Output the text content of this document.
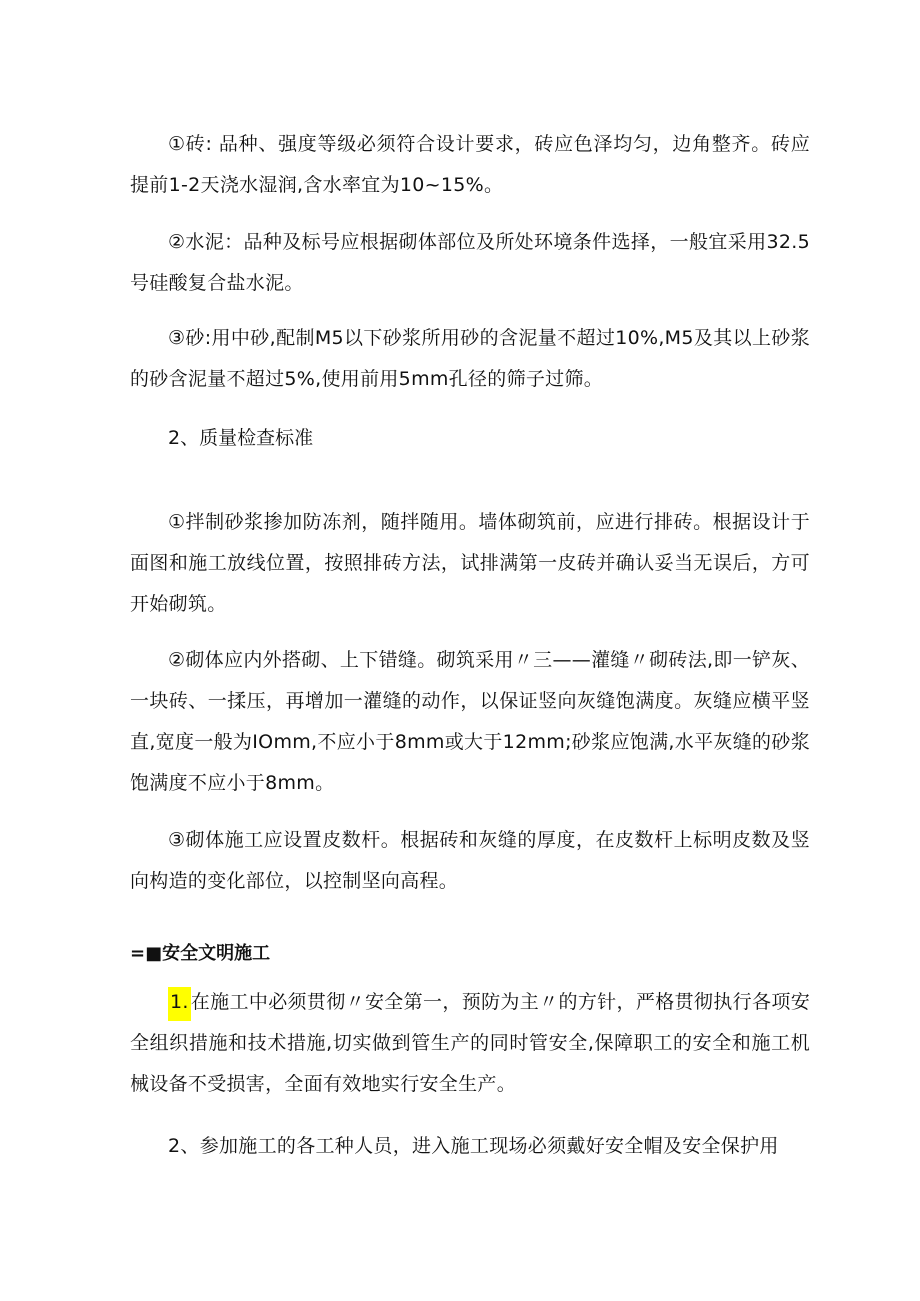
①砖: 品种、强度等级必须符合设计要求，砖应色泽均匀，边角整齐。砖应提前1-2天浇水湿润,含水率宜为10~15%。

②水泥：品种及标号应根据砌体部位及所处环境条件选择，一般宜采用32.5号硅酸复合盐水泥。

③砂:用中砂,配制M5以下砂浆所用砂的含泥量不超过10%,M5及其以上砂浆的砂含泥量不超过5%,使用前用5mm孔径的筛子过筛。

2、质量检查标准

①拌制砂浆掺加防冻剂，随拌随用。墙体砌筑前，应进行排砖。根据设计于面图和施工放线位置，按照排砖方法，试排满第一皮砖并确认妥当无误后，方可开始砌筑。

②砌体应内外搭砌、上下错缝。砌筑采用〃三——灌缝〃砌砖法,即一铲灰、一块砖、一揉压，再增加一灌缝的动作，以保证竖向灰缝饱满度。灰缝应横平竖直,宽度一般为IOmm,不应小于8mm或大于12mm;砂浆应饱满,水平灰缝的砂浆饱满度不应小于8mm。

③砌体施工应设置皮数杆。根据砖和灰缝的厚度，在皮数杆上标明皮数及竖向构造的变化部位，以控制坚向高程。

=■安全文明施工

1. 在施工中必须贯彻〃安全第一，预防为主〃的方针，严格贯彻执行各项安全组织措施和技术措施,切实做到管生产的同时管安全,保障职工的安全和施工机械设备不受损害，全面有效地实行安全生产。

2、参加施工的各工种人员，进入施工现场必须戴好安全帽及安全保护用
